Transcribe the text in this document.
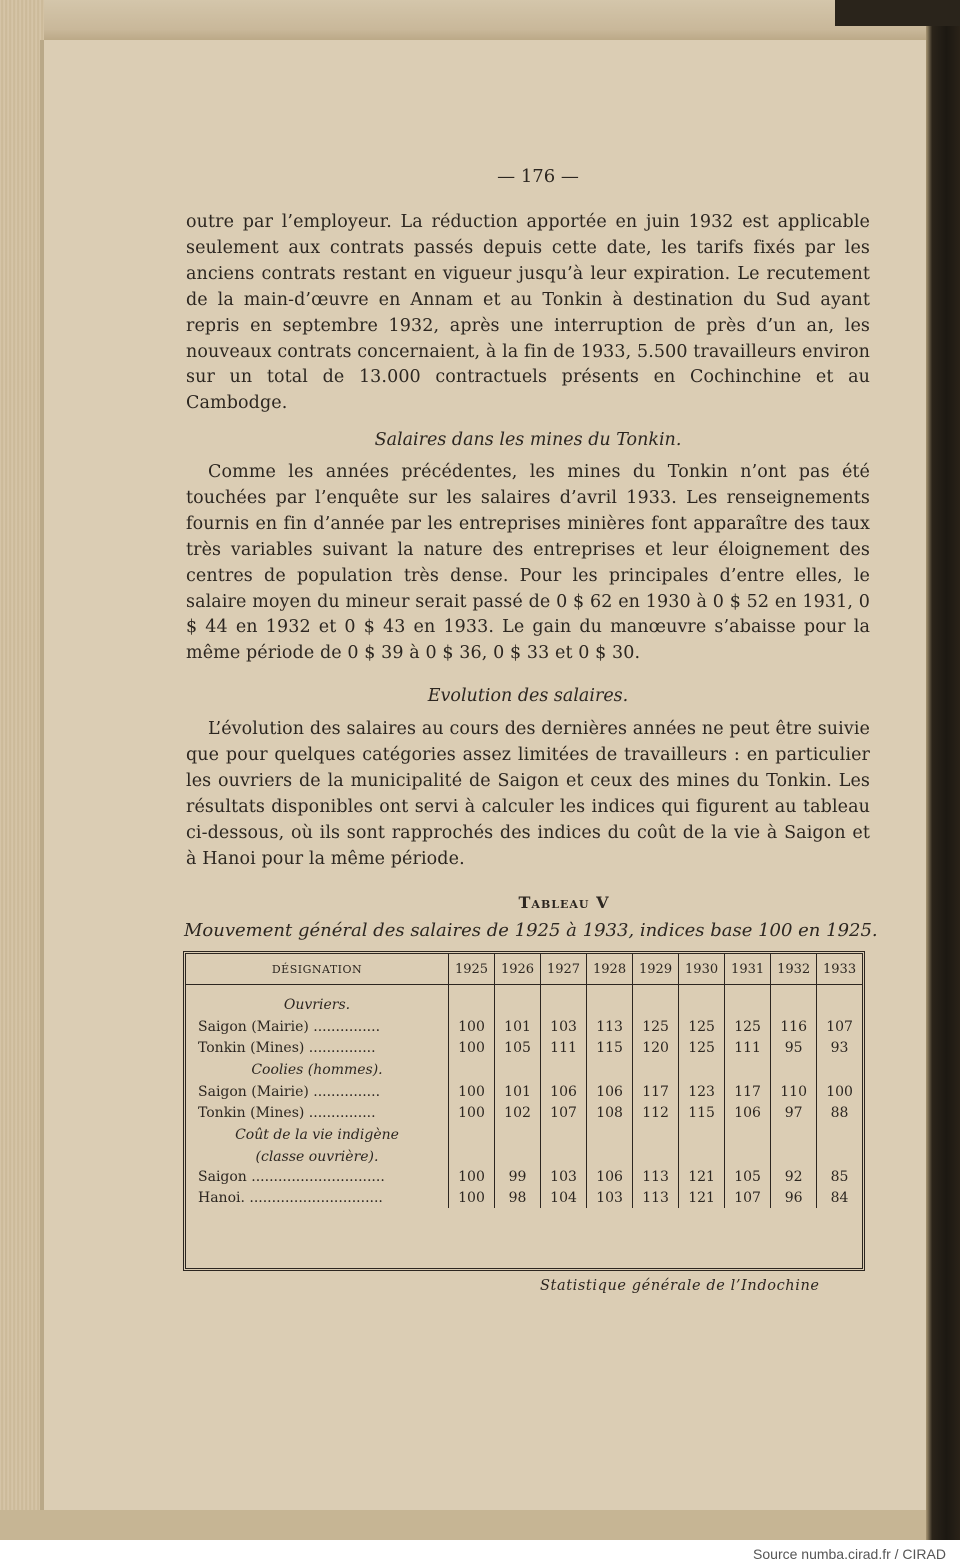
— 176 —
outre par l’employeur. La réduction apportée en juin 1932 est applicable seulement aux contrats passés depuis cette date, les tarifs fixés par les anciens contrats restant en vigueur jusqu’à leur expiration. Le recutement de la main-d’œuvre en Annam et au Tonkin à destination du Sud ayant repris en septembre 1932, après une interruption de près d’un an, les nouveaux contrats concernaient, à la fin de 1933, 5.500 travailleurs environ sur un total de 13.000 contractuels présents en Cochinchine et au Cambodge.
Salaires dans les mines du Tonkin.
Comme les années précédentes, les mines du Tonkin n’ont pas été touchées par l’enquête sur les salaires d’avril 1933. Les renseignements fournis en fin d’année par les entreprises minières font apparaître des taux très variables suivant la nature des entreprises et leur éloignement des centres de population très dense. Pour les principales d’entre elles, le salaire moyen du mineur serait passé de 0 $ 62 en 1930 à 0 $ 52 en 1931, 0 $ 44 en 1932 et 0 $ 43 en 1933. Le gain du manœuvre s’abaisse pour la même période de 0 $ 39 à 0 $ 36, 0 $ 33 et 0 $ 30.
Evolution des salaires.
L’évolution des salaires au cours des dernières années ne peut être suivie que pour quelques catégories assez limitées de travailleurs : en particulier les ouvriers de la municipalité de Saigon et ceux des mines du Tonkin. Les résultats disponibles ont servi à calculer les indices qui figurent au tableau ci-dessous, où ils sont rapprochés des indices du coût de la vie à Saigon et à Hanoi pour la même période.
Tableau V
Mouvement général des salaires de 1925 à 1933, indices base 100 en 1925.
DÉSIGNATION	1925	1926	1927	1928	1929	1930	1931	1932	1933

Ouvriers.									
Saigon (Mairie) ...............	100	101	103	113	125	125	125	116	107
Tonkin (Mines) ...............	100	105	111	115	120	125	111	95	93
Coolies (hommes).									
Saigon (Mairie) ...............	100	101	106	106	117	123	117	110	100
Tonkin (Mines) ...............	100	102	107	108	112	115	106	97	88
Coût de la vie indigène									
(classe ouvrière).									
Saigon ..............................	100	99	103	106	113	121	105	92	85
Hanoi. ..............................	100	98	104	103	113	121	107	96	84
Statistique générale de l’Indochine
Source numba.cirad.fr / CIRAD
